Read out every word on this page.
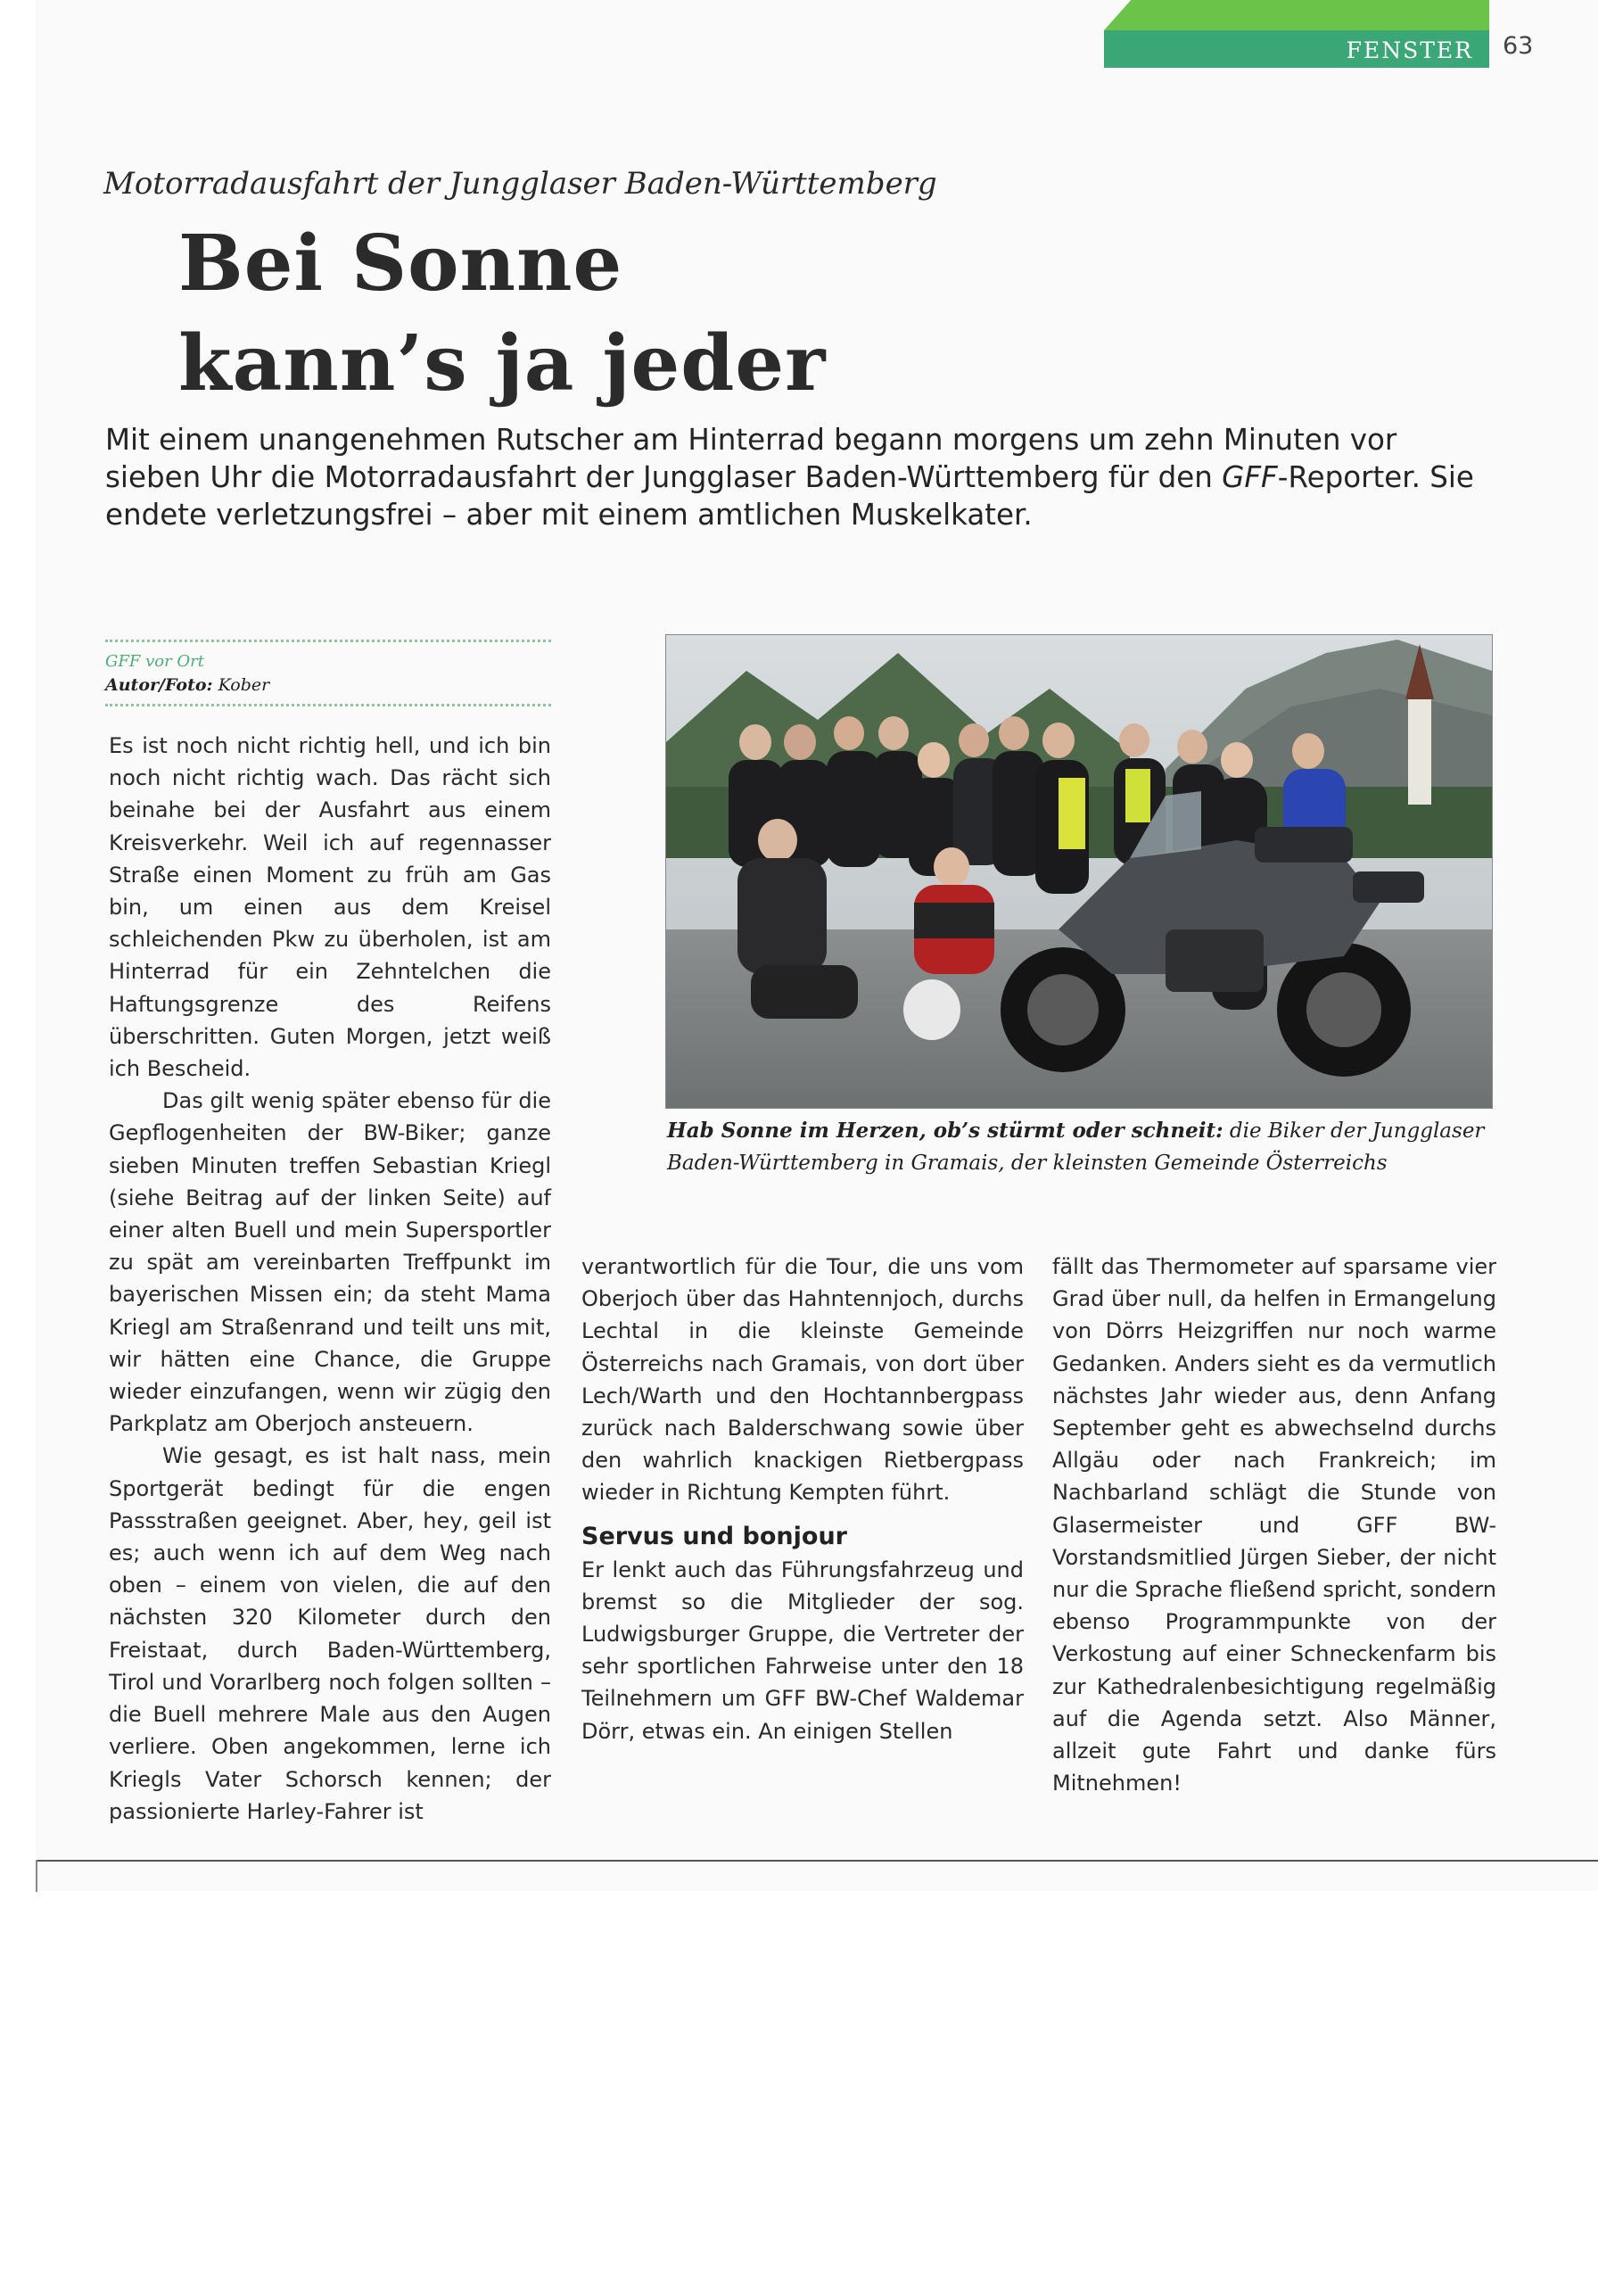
FENSTER 63
Motorradausfahrt der Jungglaser Baden-Württemberg
Bei Sonne
kann’s ja jeder
Mit einem unangenehmen Rutscher am Hinterrad begann morgens um zehn Minuten vor sieben Uhr die Motorradausfahrt der Jungglaser Baden-Württemberg für den GFF-Reporter. Sie endete verletzungsfrei – aber mit einem amtlichen Muskelkater.
GFF vor Ort
Autor/Foto: Kober

Es ist noch nicht richtig hell, und ich bin noch nicht richtig wach. Das rächt sich beinahe bei der Ausfahrt aus einem Kreisverkehr. Weil ich auf regennasser Straße einen Moment zu früh am Gas bin, um einen aus dem Kreisel schleichenden Pkw zu überholen, ist am Hinterrad für ein Zehntelchen die Haftungsgrenze des Reifens überschritten. Guten Morgen, jetzt weiß ich Bescheid.

Das gilt wenig später ebenso für die Gepflogenheiten der BW-Biker; ganze sieben Minuten treffen Sebastian Kriegl (siehe Beitrag auf der linken Seite) auf einer alten Buell und mein Supersportler zu spät am vereinbarten Treffpunkt im bayerischen Missen ein; da steht Mama Kriegl am Straßenrand und teilt uns mit, wir hätten eine Chance, die Gruppe wieder einzufangen, wenn wir zügig den Parkplatz am Oberjoch ansteuern.

Wie gesagt, es ist halt nass, mein Sportgerät bedingt für die engen Passstraßen geeignet. Aber, hey, geil ist es; auch wenn ich auf dem Weg nach oben – einem von vielen, die auf den nächsten 320 Kilometer durch den Freistaat, durch Baden-Württemberg, Tirol und Vorarlberg noch folgen sollten – die Buell mehrere Male aus den Augen verliere. Oben angekommen, lerne ich Kriegls Vater Schorsch kennen; der passionierte Harley-Fahrer ist

Hab Sonne im Herzen, ob’s stürmt oder schneit: die Biker der Jungglaser Baden-Württemberg in Gramais, der kleinsten Gemeinde Österreichs

verantwortlich für die Tour, die uns vom Oberjoch über das Hahntennjoch, durchs Lechtal in die kleinste Gemeinde Österreichs nach Gramais, von dort über Lech/Warth und den Hochtannbergpass zurück nach Balderschwang sowie über den wahrlich knackigen Rietbergpass wieder in Richtung Kempten führt.

Servus und bonjour

Er lenkt auch das Führungsfahrzeug und bremst so die Mitglieder der sog. Ludwigsburger Gruppe, die Vertreter der sehr sportlichen Fahrweise unter den 18 Teilnehmern um GFF BW-Chef Waldemar Dörr, etwas ein. An einigen Stellen

fällt das Thermometer auf sparsame vier Grad über null, da helfen in Ermangelung von Dörrs Heizgriffen nur noch warme Gedanken. Anders sieht es da vermutlich nächstes Jahr wieder aus, denn Anfang September geht es abwechselnd durchs Allgäu oder nach Frankreich; im Nachbarland schlägt die Stunde von Glasermeister und GFF BW-Vorstandsmitlied Jürgen Sieber, der nicht nur die Sprache fließend spricht, sondern ebenso Programmpunkte von der Verkostung auf einer Schneckenfarm bis zur Kathedralenbesichtigung regelmäßig auf die Agenda setzt. Also Männer, allzeit gute Fahrt und danke fürs Mitnehmen!
